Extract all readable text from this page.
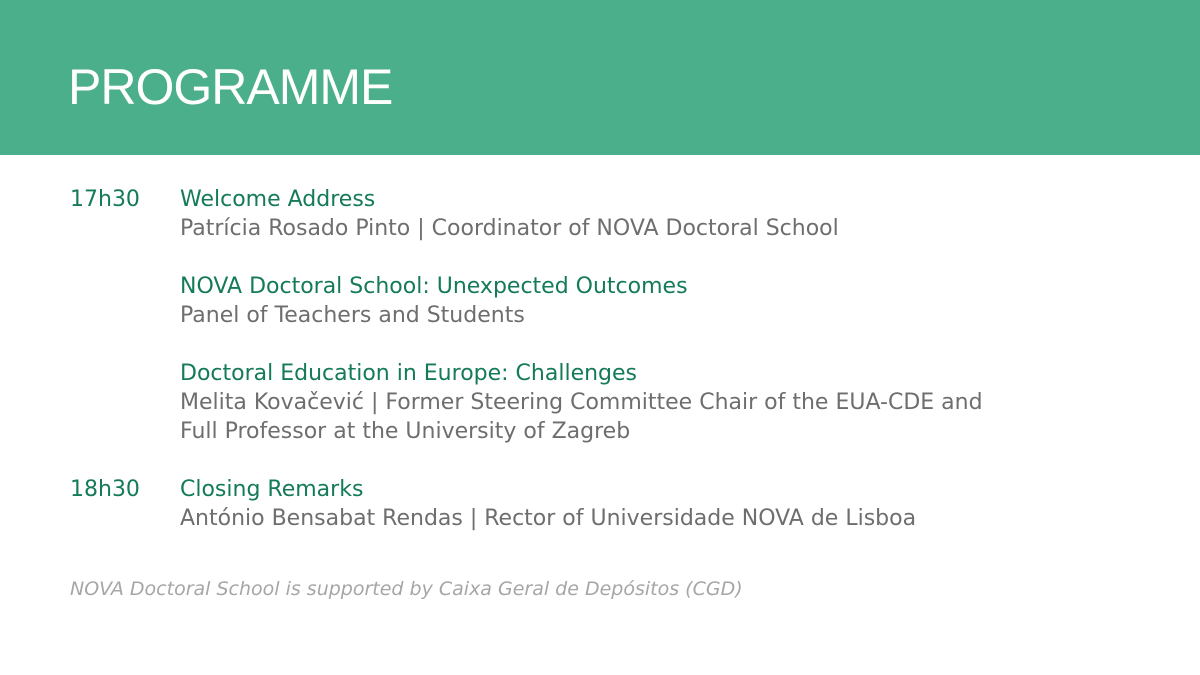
PROGRAMME
17h30	Welcome Address
Patrícia Rosado Pinto | Coordinator of NOVA Doctoral School
NOVA Doctoral School: Unexpected Outcomes
Panel of Teachers and Students
Doctoral Education in Europe: Challenges
Melita Kovačević | Former Steering Committee Chair of the EUA-CDE and
Full Professor at the University of Zagreb
18h30	Closing Remarks
António Bensabat Rendas | Rector of Universidade NOVA de Lisboa
NOVA Doctoral School is supported by Caixa Geral de Depósitos (CGD)
